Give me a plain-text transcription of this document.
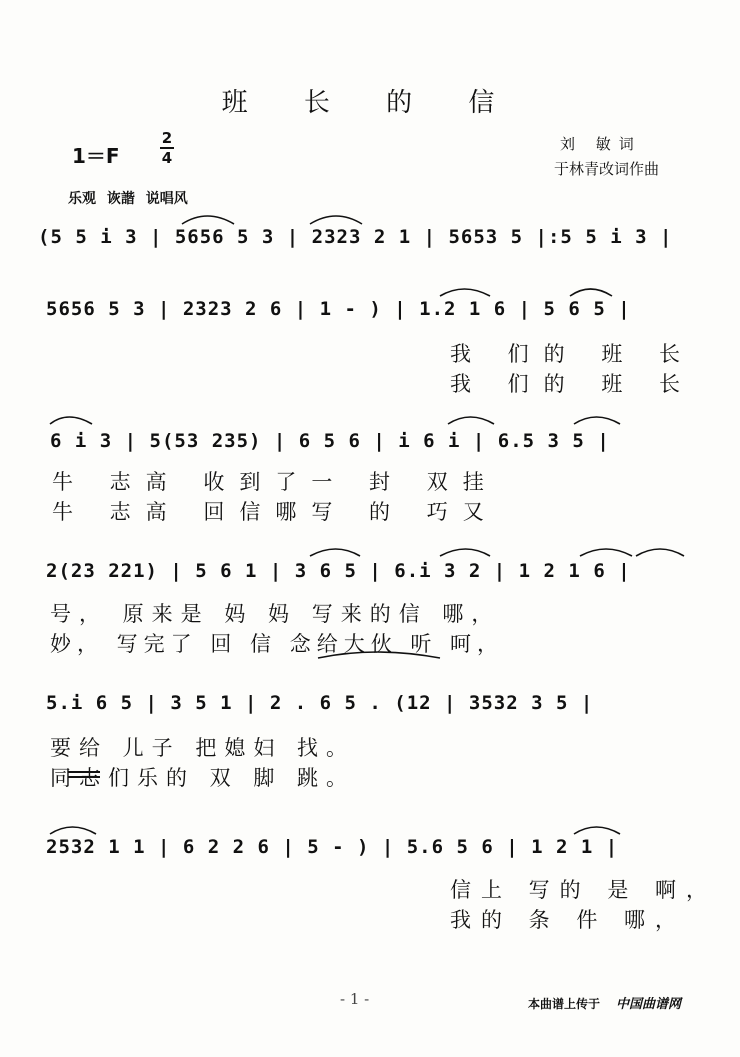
班 长 的 信
1＝F
2
4
刘 敏词
于林青改词作曲
乐观 诙諧 说唱风
(5 5 i 3 | 5656 5 3 | 2323 2 1 | 5653 5 |:5 5 i 3 |
5656 5 3 | 2323 2 6 | 1 - ) | 1.2 1 6 | 5 6 5 |
我 们的 班 长
我 们的 班 长
6 i 3 | 5(53 235) | 6 5 6 | i 6 i | 6.5 3 5 |
牛 志高 收到了一 封 双挂
牛 志高 回信哪写 的 巧又
2(23 221) | 5 6 1 | 3 6 5 | 6.i 3 2 | 1 2 1 6 |
号， 原来是 妈 妈 写来的信 哪，
妙， 写完了 回 信 念给大伙 听 呵，
5.i 6 5 | 3 5 1 | 2 . 6 5 . (12 | 3532 3 5 |
要给 儿子 把媳妇 找。
同志们乐的 双 脚 跳。
2532 1 1 | 6 2 2 6 | 5 - ) | 5.6 5 6 | 1 2 1 |
信上 写的 是 啊，
我的 条 件 哪，
- 1 -	本曲谱上传于 中国曲谱网
